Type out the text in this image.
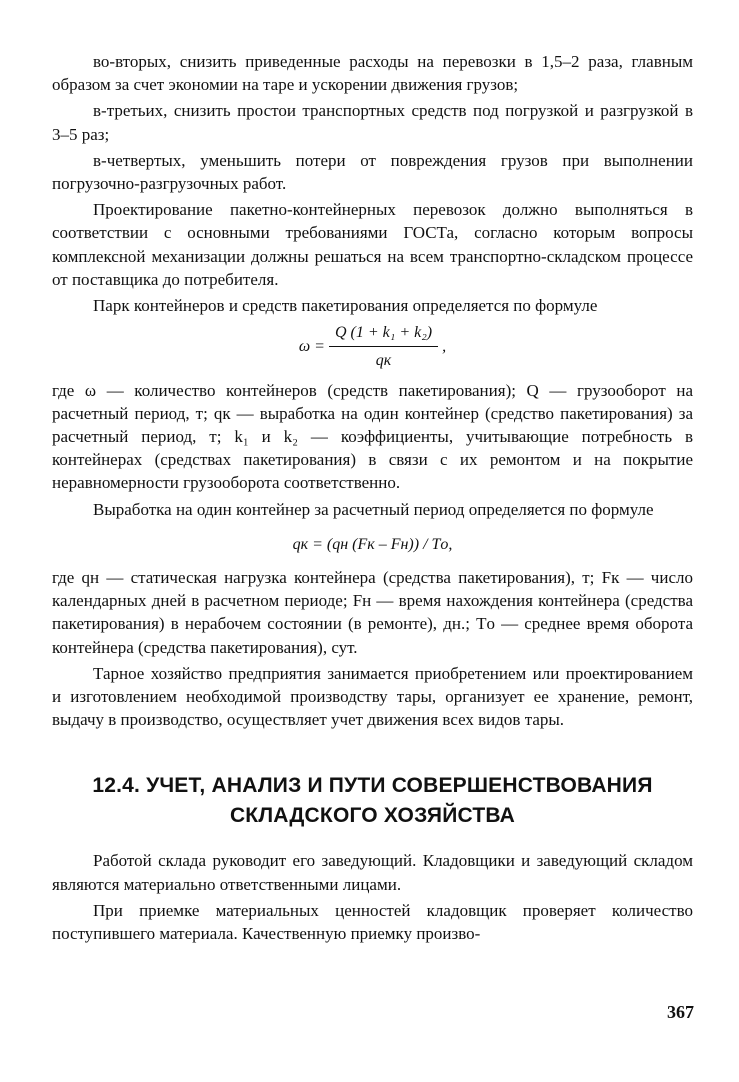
во-вторых, снизить приведенные расходы на перевозки в 1,5–2 раза, главным образом за счет экономии на таре и ускорении движения грузов;

в-третьих, снизить простои транспортных средств под погрузкой и разгрузкой в 3–5 раз;

в-четвертых, уменьшить потери от повреждения грузов при выполнении погрузочно-разгрузочных работ.

Проектирование пакетно-контейнерных перевозок должно выполняться в соответствии с основными требованиями ГОСТа, согласно которым вопросы комплексной механизации должны решаться на всем транспортно-складском процессе от поставщика до потребителя.

Парк контейнеров и средств пакетирования определяется по формуле

$\omega = \frac{\text{Q (1 + k₁ + k₂)}}{qк}$ ,

где ω — количество контейнеров (средств пакетирования); Q — грузооборот на расчетный период, т; qк — выработка на один контейнер (средство пакетирования) за расчетный период, т; k₁ и k₂ — коэффициенты, учитывающие потребность в контейнерах (средствах пакетирования) в связи с их ремонтом и на покрытие неравномерности грузооборота соответственно.

Выработка на один контейнер за расчетный период определяется по формуле

qк = (qн (Fк – Fн)) / Tо,

где qн — статическая нагрузка контейнера (средства пакетирования), т; Fк — число календарных дней в расчетном периоде; Fн — время нахождения контейнера (средства пакетирования) в нерабочем состоянии (в ремонте), дн.; Tо — среднее время оборота контейнера (средства пакетирования), сут.

Тарное хозяйство предприятия занимается приобретением или проектированием и изготовлением необходимой производству тары, организует ее хранение, ремонт, выдачу в производство, осуществляет учет движения всех видов тары.

12.4. УЧЕТ, АНАЛИЗ И ПУТИ СОВЕРШЕНСТВОВАНИЯ
СКЛАДСКОГО ХОЗЯЙСТВА

Работой склада руководит его заведующий. Кладовщики и заведующий складом являются материально ответственными лицами.

При приемке материальных ценностей кладовщик проверяет количество поступившего материала. Качественную приемку произво-

367
